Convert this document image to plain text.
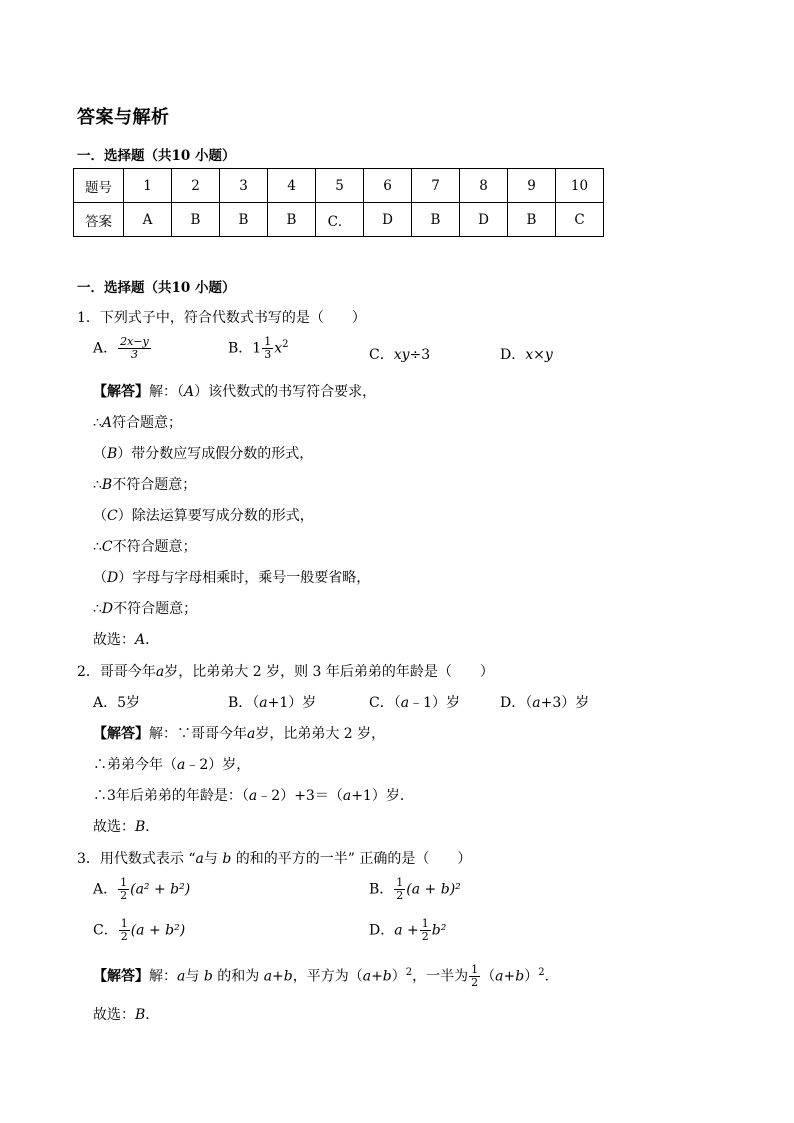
答案与解析
一．选择题（共10 小题）
题号	1	2	3	4	5	6	7	8	9	10
答案	A	B	B	B	C．	D	B	D	B	C
一．选择题（共10 小题）
1．下列式子中，符合代数式书写的是（　　）
A． $\frac{2x-y}{3}$	B．$1 \frac{1}{3} x^2$
C．xy÷3	D．x×y
【解答】解：（A）该代数式的书写符合要求，
∴A符合题意；
（B）带分数应写成假分数的形式，
∴B不符合题意；
（C）除法运算要写成分数的形式，
∴C不符合题意；
（D）字母与字母相乘时，乘号一般要省略，
∴D不符合题意；
故选：A．
2．哥哥今年a岁，比弟弟大 2 岁，则 3 年后弟弟的年龄是（　　）
A．5岁	B．（a+1）岁	C．（a﹣1）岁	D．（a+3）岁
【解答】解：∵哥哥今年a岁，比弟弟大 2 岁，
∴弟弟今年（a﹣2）岁，
∴3年后弟弟的年龄是：（a﹣2）+3＝（a+1）岁．
故选：B．
3．用代数式表示 “a与 b 的和的平方的一半” 正确的是（　　）
A． $\frac{1}{2} (a^2 + b^2)$	B． $\frac{1}{2} (a + b)^2$
C． $\frac{1}{2} (a + b^2)$	D．$a + \frac{1}{2} b^2$
【解答】解：a与 b 的和为 a+b，平方为$(a+b)^2$，一半为 $\frac{1}{2} (a+b)^2$．
故选：B．
